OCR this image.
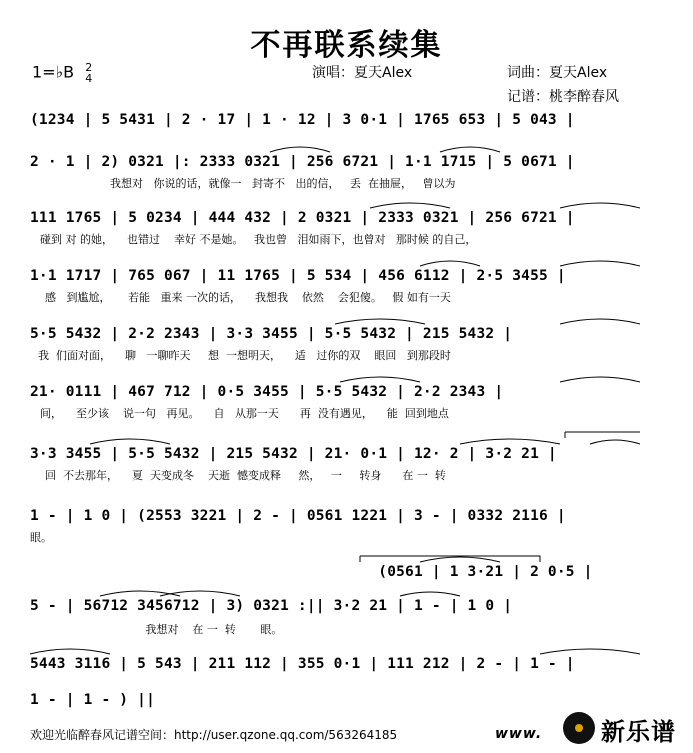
不再联系续集
1=♭B 2
4	演唱：夏天Alex	词曲：夏天Alex
记谱：桃李醉春风
(1234 | 5 5431 | 2 · 17 | 1 · 12 | 3 0·1 | 1765 653 | 5 043 |
2 · 1 | 2) 0321 |: 2333 0321 | 256 6721 | 1·1 1715 | 5 0671 |
我想对   你说的话，就像一   封寄不   出的信，   丢  在抽屉，   曾以为
111 1765 | 5 0234 | 444 432 | 2 0321 | 2333 0321 | 256 6721 |
碰到 对 的她，    也错过    幸好 不是她。   我也曾   泪如雨下，也曾对   那时候 的自己，
1·1 1717 | 765 067 | 11 1765 | 5 534 | 456 6112 | 2·5 3455 |
感   到尴尬，     若能   重来 一次的话，    我想我    依然    会犯傻。   假 如有一天
5·5 5432 | 2·2 2343 | 3·3 3455 | 5·5 5432 | 215 5432 |
我  们面对面，    聊   一聊昨天     想  一想明天，    适   过你的双    眼回   到那段时
21· 0111 | 467 712 | 0·5 3455 | 5·5 5432 | 2·2 2343 |
间，    至少该    说一句   再见。    自   从那一天      再  没有遇见，    能  回到地点
3·3 3455 | 5·5 5432 | 215 5432 | 21· 0·1 | 12· 2 | 3·2 21 |
回  不去那年，    夏  天变成冬    天逝  憾变成释     然，   一     转身      在 一  转
1 - | 1 0 | (2553 3221 | 2 - | 0561 1221 | 3 - | 0332 2116 |
眼。
(0561 | 1 3·21 | 2 0·5 |
5 - | 56712 3456712 | 3) 0321 :|| 3·2 21 | 1 - | 1 0 |
我想对    在 一  转       眼。
5443 3116 | 5 543 | 211 112 | 355 0·1 | 111 212 | 2 - | 1 - |
1 - | 1 - ) ||
欢迎光临醉春风记谱空间：http://user.qzone.qq.com/563264185	www. 新乐谱
